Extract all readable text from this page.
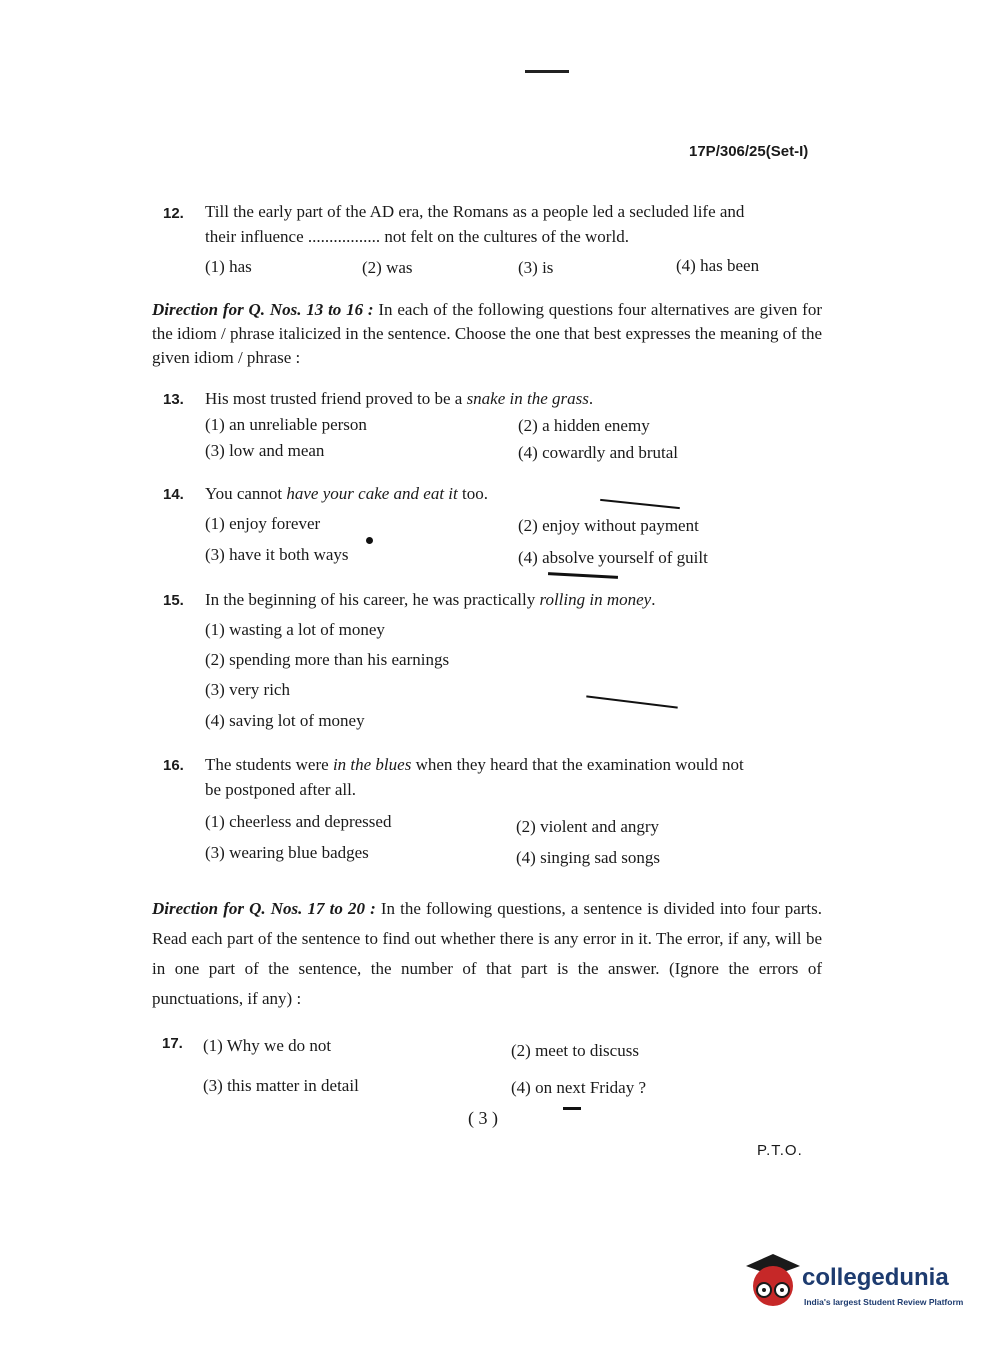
17P/306/25(Set-I)
12. Till the early part of the AD era, the Romans as a people led a secluded life and
their influence ................. not felt on the cultures of the world.
(1) has	(2) was	(3) is	(4) has been
Direction for Q. Nos. 13 to 16 : In each of the following questions four alternatives are given for the idiom / phrase italicized in the sentence. Choose the one that best expresses the meaning of the given idiom / phrase :
13. His most trusted friend proved to be a snake in the grass.
(1) an unreliable person	(2) a hidden enemy
(3) low and mean	(4) cowardly and brutal
14. You cannot have your cake and eat it too.
(1) enjoy forever	(2) enjoy without payment
(3) have it both ways	(4) absolve yourself of guilt
15. In the beginning of his career, he was practically rolling in money.
(1) wasting a lot of money
(2) spending more than his earnings
(3) very rich
(4) saving lot of money
16. The students were in the blues when they heard that the examination would not
be postponed after all.
(1) cheerless and depressed	(2) violent and angry
(3) wearing blue badges	(4) singing sad songs
Direction for Q. Nos. 17 to 20 : In the following questions, a sentence is divided into four parts. Read each part of the sentence to find out whether there is any error in it. The error, if any, will be in one part of the sentence, the number of that part is the answer. (Ignore the errors of punctuations, if any) :
17. (1) Why we do not	(2) meet to discuss
(3) this matter in detail	(4) on next Friday ?
( 3 )
P.T.O.
collegedunia
India's largest Student Review Platform
